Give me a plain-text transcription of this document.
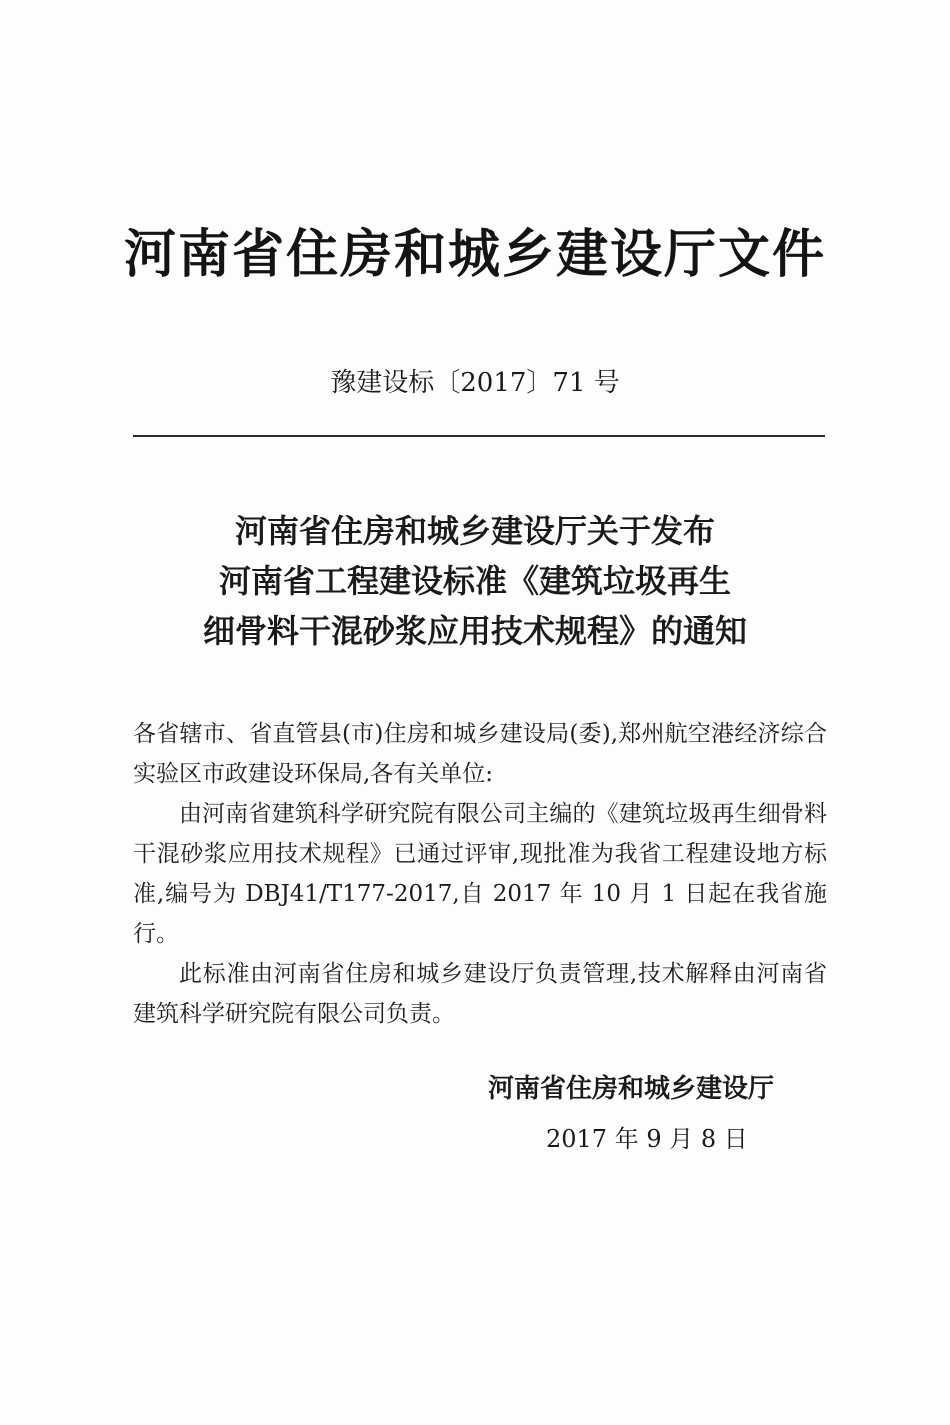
河南省住房和城乡建设厅文件
豫建设标〔2017〕71 号
河南省住房和城乡建设厅关于发布
河南省工程建设标准《建筑垃圾再生
细骨料干混砂浆应用技术规程》的通知

各省辖市、省直管县(市)住房和城乡建设局(委),郑州航空港经济综合实验区市政建设环保局,各有关单位:

由河南省建筑科学研究院有限公司主编的《建筑垃圾再生细骨料干混砂浆应用技术规程》已通过评审,现批准为我省工程建设地方标准,编号为 DBJ41/T177-2017,自 2017 年 10 月 1 日起在我省施行。

此标准由河南省住房和城乡建设厅负责管理,技术解释由河南省建筑科学研究院有限公司负责。

河南省住房和城乡建设厅
2017 年 9 月 8 日
